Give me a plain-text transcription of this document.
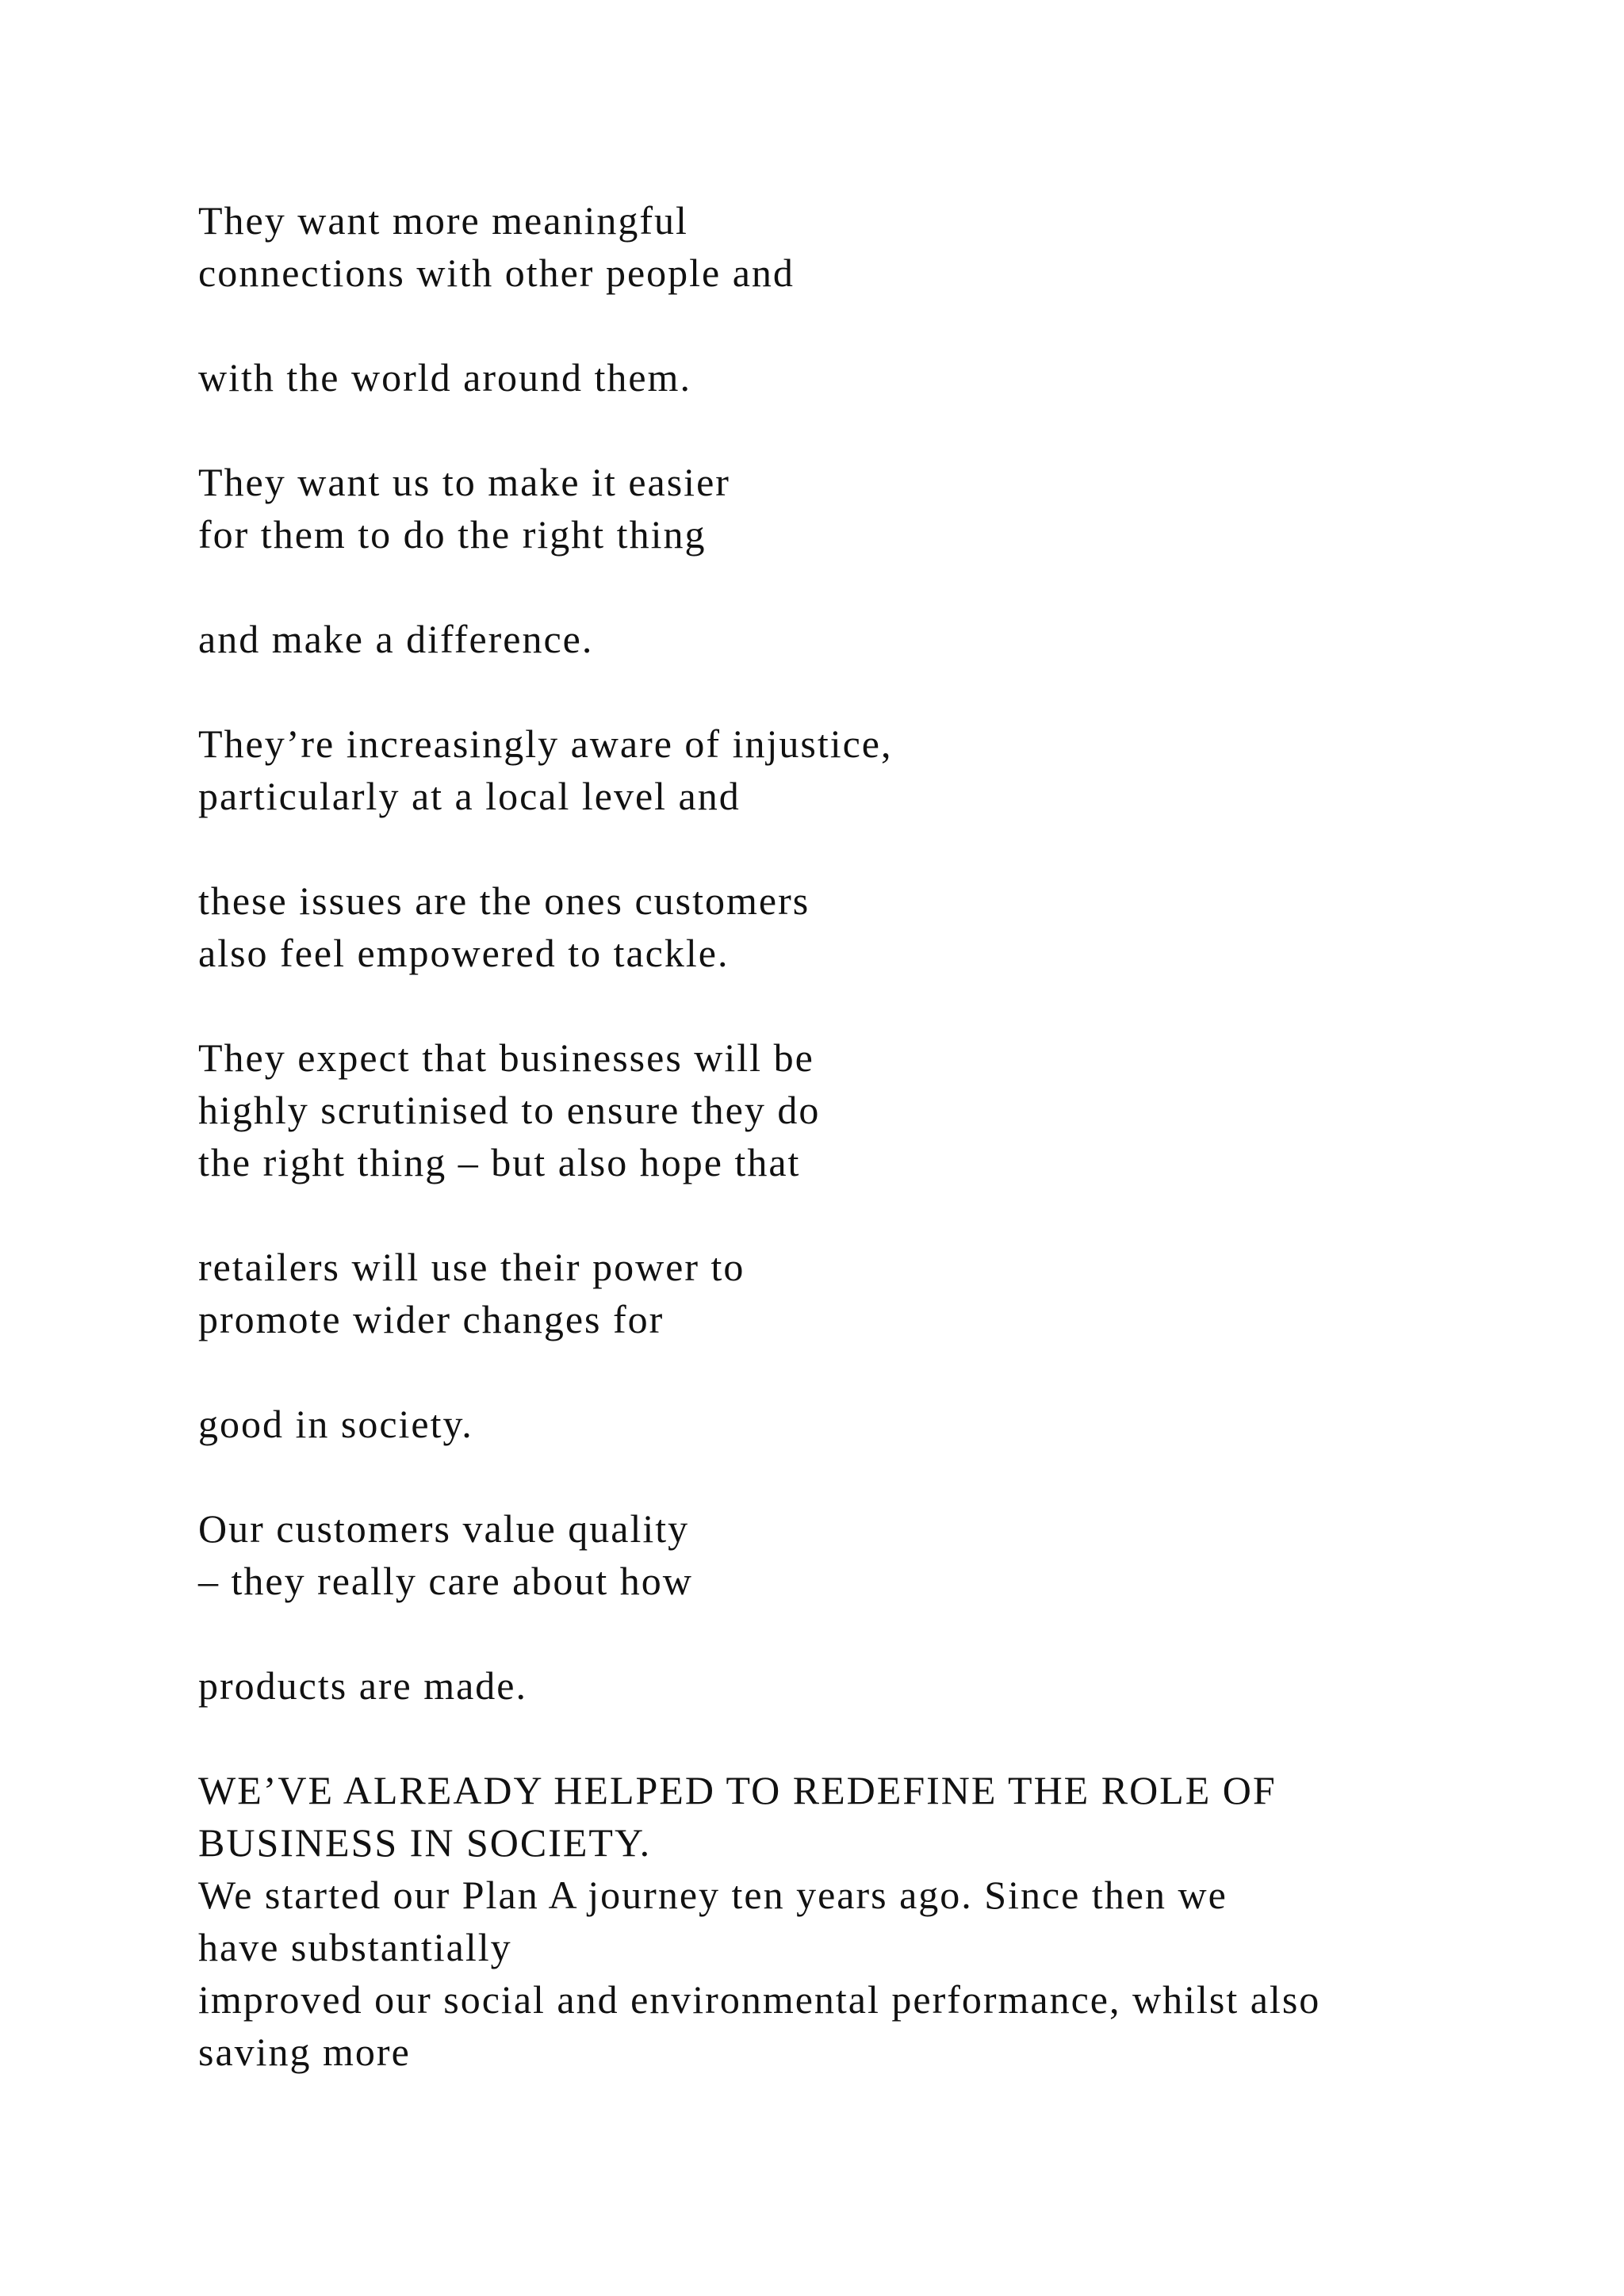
They want more meaningful

connections with other people and

with the world around them.

They want us to make it easier

for them to do the right thing

and make a difference.

They’re increasingly aware of injustice,

particularly at a local level and

these issues are the ones customers

also feel empowered to tackle.

They expect that businesses will be

highly scrutinised to ensure they do

the right thing – but also hope that

retailers will use their power to

promote wider changes for

good in society.

Our customers value quality

– they really care about how

products are made.

WE’VE ALREADY HELPED TO REDEFINE THE ROLE OF

BUSINESS IN SOCIETY.

We started our Plan A journey ten years ago. Since then we

have substantially

improved our social and environmental performance, whilst also

saving more
